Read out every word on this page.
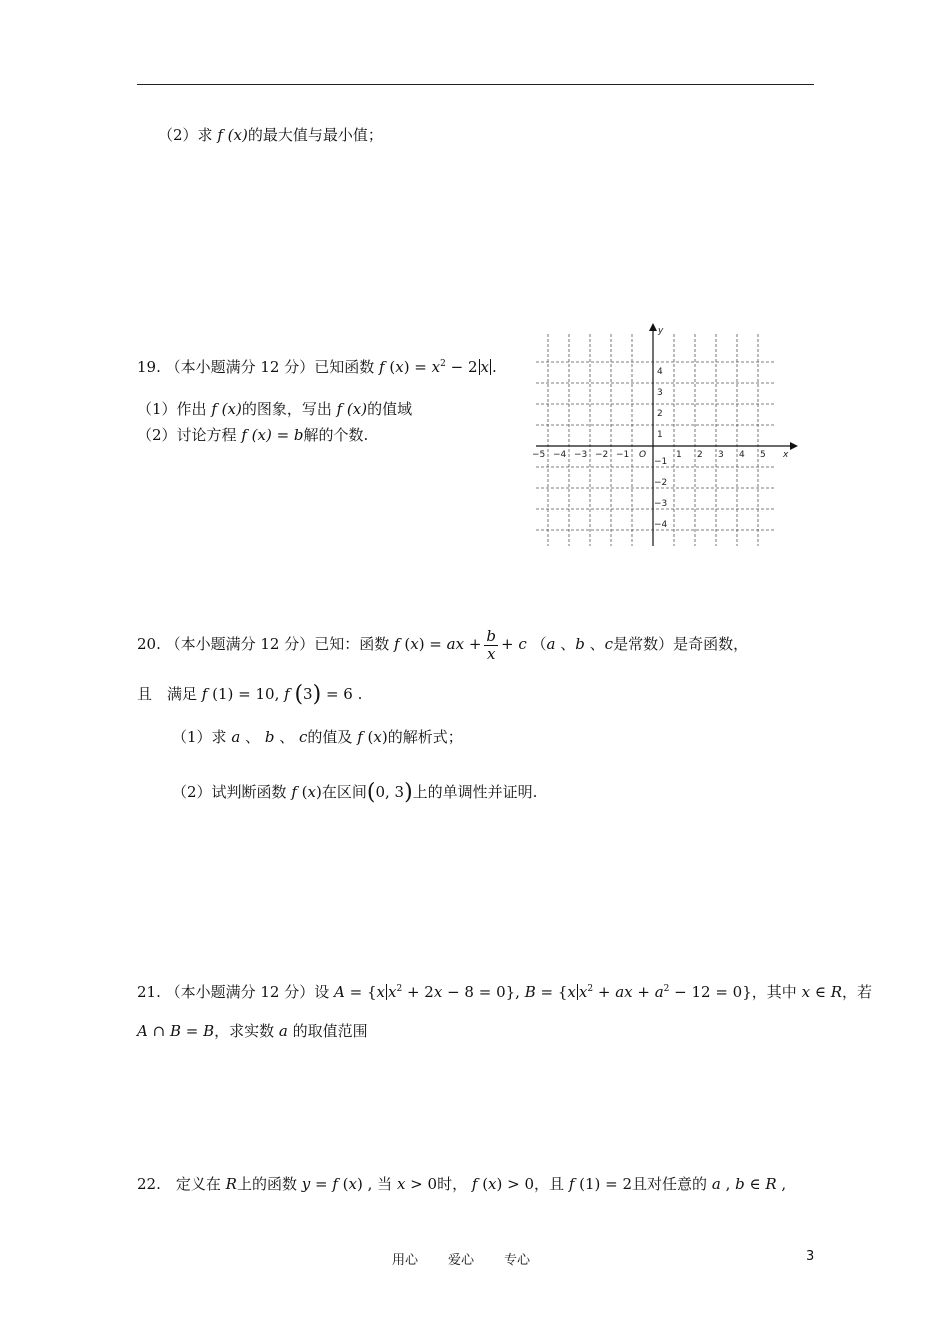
（2）求 f (x)的最大值与最小值；
19. （本小题满分 12 分）已知函数 f $(x) = x^2 - 2$ x .
（1）作出 f (x)的图象，写出 f (x)的值域
（2）讨论方程 f (x) = b解的个数.
y
x
O
−5 −4 −3 −2 −1	1 2 3 4 5
4
3
2
1
−1
−2
−3
−4
20. （本小题满分 12 分）已知：函数 f (x) = ax + $\frac{b}{x} + c$ （a 、b 、c是常数）是奇函数，
且　满足 f (1) = 10, f (3) = 6 .
（1）求 a 、 b 、 c的值及 f (x)的解析式；
（2）试判断函数 f (x)在区间(0, 3)上的单调性并证明.
21. （本小题满分 12 分）设 A = {x $x^2 + 2x - 8 = 0$}, B = {x $x^2$ + ax + $a^2 - 12 = 0$}，其中 x ∈ R，若
A ∩ B = B，求实数 a 的取值范围
22.　定义在 R上的函数 y = f (x) , 当 x > 0时， f (x) > 0，且 f (1) = 2且对任意的 a , b ∈ R ,
用心 爱心 专心	3
